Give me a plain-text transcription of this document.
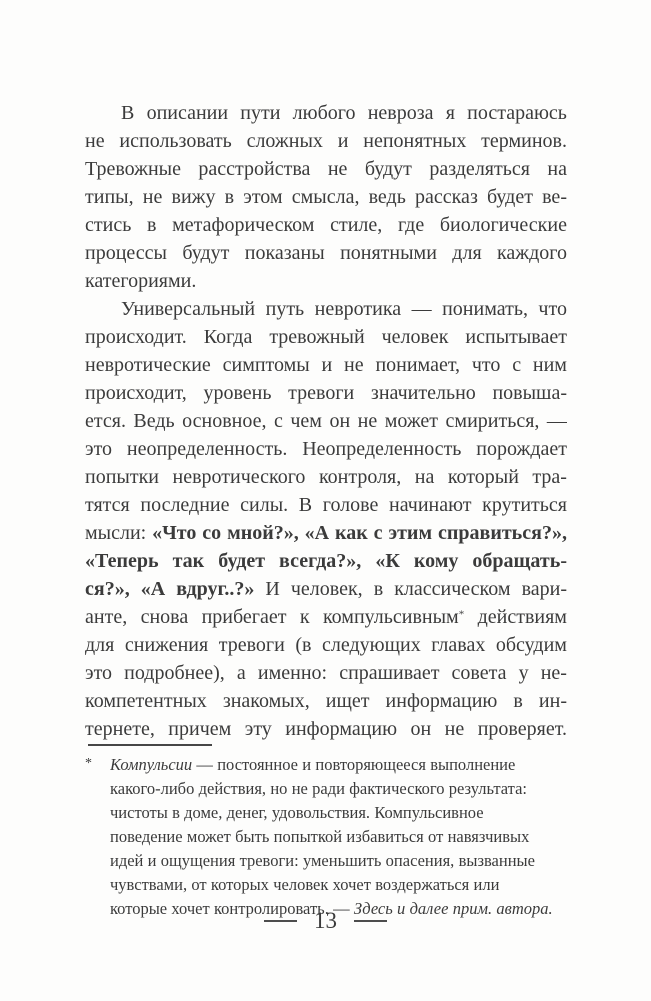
В описании пути любого невроза я постараюсь
не использовать сложных и непонятных терминов.
Тревожные расстройства не будут разделяться на
типы, не вижу в этом смысла, ведь рассказ будет ве-
стись в метафорическом стиле, где биологические
процессы будут показаны понятными для каждого
категориями.
Универсальный путь невротика — понимать, что
происходит. Когда тревожный человек испытывает
невротические симптомы и не понимает, что с ним
происходит, уровень тревоги значительно повыша-
ется. Ведь основное, с чем он не может смириться, —
это неопределенность. Неопределенность порождает
попытки невротического контроля, на который тра-
тятся последние силы. В голове начинают крутиться
мысли: «Что со мной?», «А как с этим справиться?»,
«Теперь так будет всегда?», «К кому обращать-
ся?», «А вдруг..?» И человек, в классическом вари-
анте, снова прибегает к компульсивным* действиям
для снижения тревоги (в следующих главах обсудим
это подробнее), а именно: спрашивает совета у не-
компетентных знакомых, ищет информацию в ин-
тернете, причем эту информацию он не проверяет.
* Компульсии — постоянное и повторяющееся выполнение
какого-либо действия, но не ради фактического результата:
чистоты в доме, денег, удовольствия. Компульсивное
поведение может быть попыткой избавиться от навязчивых
идей и ощущения тревоги: уменьшить опасения, вызванные
чувствами, от которых человек хочет воздержаться или
которые хочет контролировать. — Здесь и далее прим. автора.
13
